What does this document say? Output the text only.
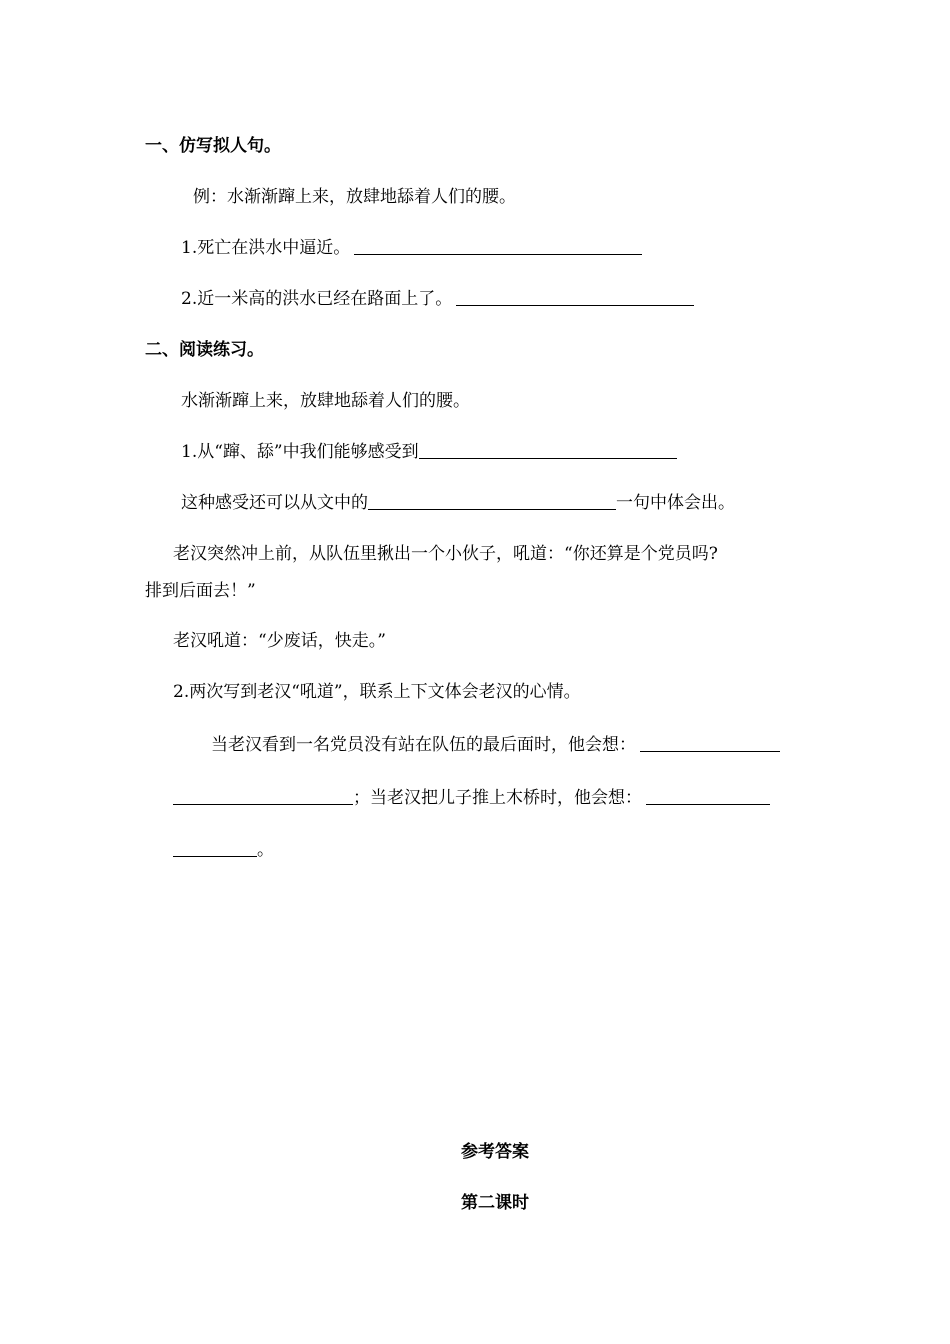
一、仿写拟人句。
例：水渐渐蹿上来，放肆地舔着人们的腰。
1.死亡在洪水中逼近。
2.近一米高的洪水已经在路面上了。
二、阅读练习。
水渐渐蹿上来，放肆地舔着人们的腰。
1.从“蹿、舔”中我们能够感受到
这种感受还可以从文中的	一句中体会出。
老汉突然冲上前，从队伍里揪出一个小伙子，吼道：“你还算是个党员吗?
排到后面去！”
老汉吼道：“少废话，快走。”
2.两次写到老汉“吼道”，联系上下文体会老汉的心情。
当老汉看到一名党员没有站在队伍的最后面时，他会想：
；当老汉把儿子推上木桥时，他会想：
。
参考答案
第二课时
